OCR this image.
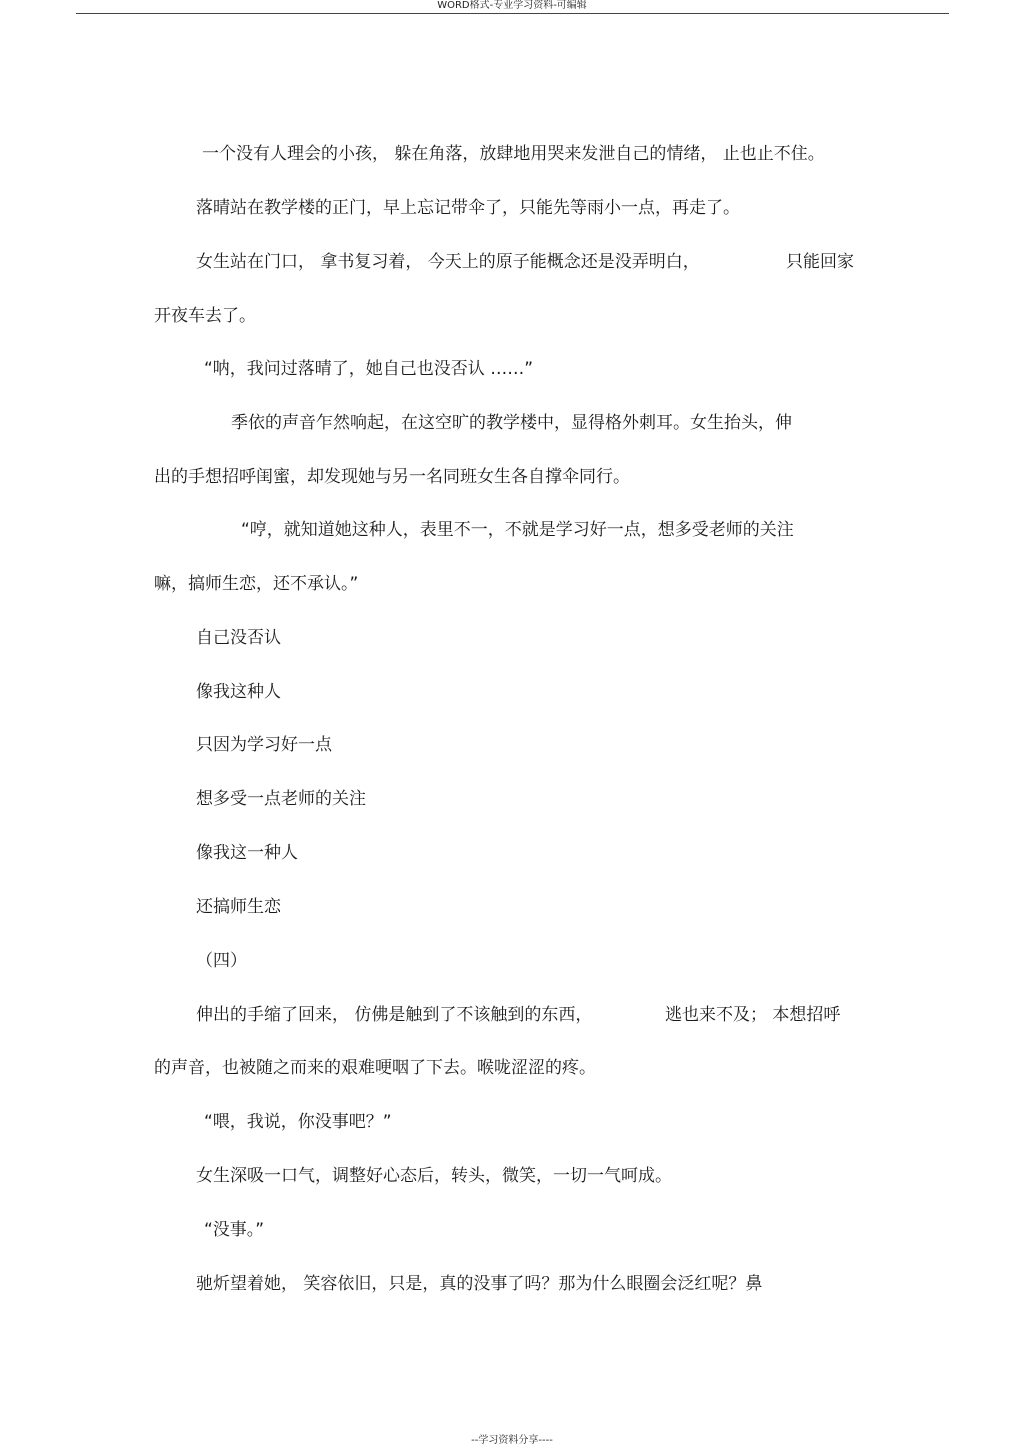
WORD格式-专业学习资料-可编辑
一个没有人理会的小孩， 躲在角落，放肆地用哭来发泄自己的情绪， 止也止不住。
落晴站在教学楼的正门，早上忘记带伞了，只能先等雨小一点，再走了。
女生站在门口， 拿书复习着， 今天上的原子能概念还是没弄明白，	只能回家
开夜车去了。
“呐，我问过落晴了，她自己也没否认 ……”
季依的声音乍然响起，在这空旷的教学楼中，显得格外刺耳。女生抬头，伸
出的手想招呼闺蜜，却发现她与另一名同班女生各自撑伞同行。
“哼，就知道她这种人，表里不一，不就是学习好一点，想多受老师的关注
嘛，搞师生恋，还不承认。”
自己没否认
像我这种人
只因为学习好一点
想多受一点老师的关注
像我这一种人
还搞师生恋
（四）
伸出的手缩了回来， 仿佛是触到了不该触到的东西，	逃也来不及； 本想招呼
的声音，也被随之而来的艰难哽咽了下去。喉咙涩涩的疼。
“喂，我说，你没事吧？”
女生深吸一口气，调整好心态后，转头，微笑，一切一气呵成。
“没事。”
驰炘望着她， 笑容依旧，只是，真的没事了吗？那为什么眼圈会泛红呢？鼻
--学习资料分享----
